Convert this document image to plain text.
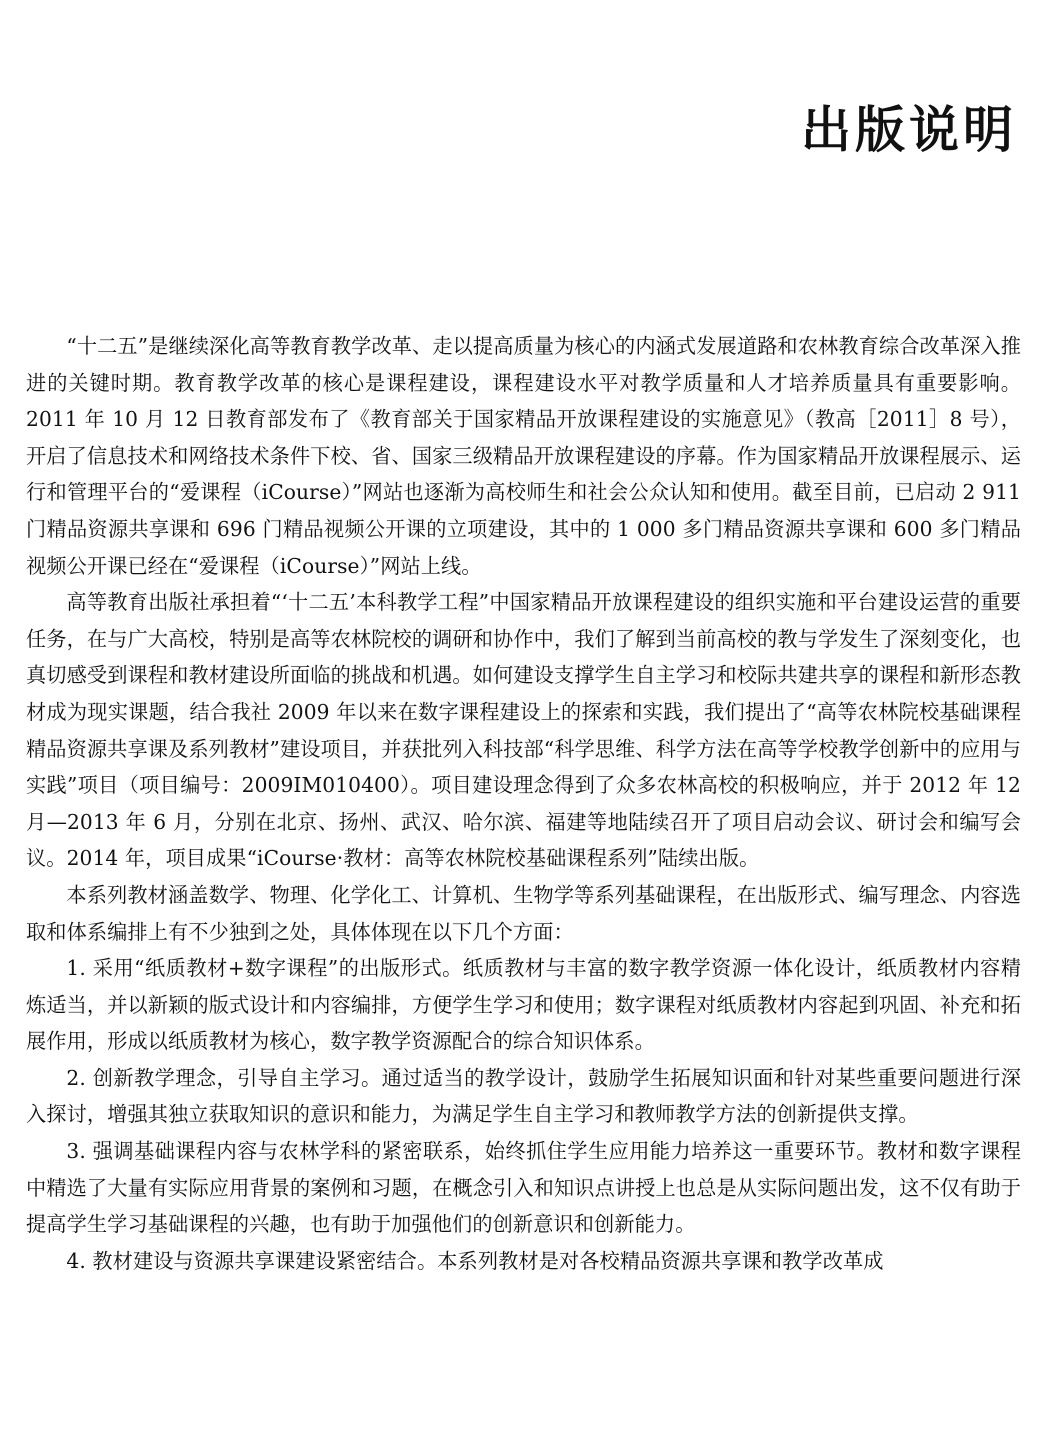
出版说明

“十二五”是继续深化高等教育教学改革、走以提高质量为核心的内涵式发展道路和农林教育综合改革深入推进的关键时期。教育教学改革的核心是课程建设，课程建设水平对教学质量和人才培养质量具有重要影响。2011 年 10 月 12 日教育部发布了《教育部关于国家精品开放课程建设的实施意见》（教高［2011］8 号），开启了信息技术和网络技术条件下校、省、国家三级精品开放课程建设的序幕。作为国家精品开放课程展示、运行和管理平台的“爱课程（iCourse）”网站也逐渐为高校师生和社会公众认知和使用。截至目前，已启动 2 911 门精品资源共享课和 696 门精品视频公开课的立项建设，其中的 1 000 多门精品资源共享课和 600 多门精品视频公开课已经在“爱课程（iCourse）”网站上线。

高等教育出版社承担着“‘十二五’本科教学工程”中国家精品开放课程建设的组织实施和平台建设运营的重要任务，在与广大高校，特别是高等农林院校的调研和协作中，我们了解到当前高校的教与学发生了深刻变化，也真切感受到课程和教材建设所面临的挑战和机遇。如何建设支撑学生自主学习和校际共建共享的课程和新形态教材成为现实课题，结合我社 2009 年以来在数字课程建设上的探索和实践，我们提出了“高等农林院校基础课程精品资源共享课及系列教材”建设项目，并获批列入科技部“科学思维、科学方法在高等学校教学创新中的应用与实践”项目（项目编号：2009IM010400）。项目建设理念得到了众多农林高校的积极响应，并于 2012 年 12 月—2013 年 6 月，分别在北京、扬州、武汉、哈尔滨、福建等地陆续召开了项目启动会议、研讨会和编写会议。2014 年，项目成果“iCourse·教材：高等农林院校基础课程系列”陆续出版。

本系列教材涵盖数学、物理、化学化工、计算机、生物学等系列基础课程，在出版形式、编写理念、内容选取和体系编排上有不少独到之处，具体体现在以下几个方面：

1. 采用“纸质教材+数字课程”的出版形式。纸质教材与丰富的数字教学资源一体化设计，纸质教材内容精炼适当，并以新颖的版式设计和内容编排，方便学生学习和使用；数字课程对纸质教材内容起到巩固、补充和拓展作用，形成以纸质教材为核心，数字教学资源配合的综合知识体系。

2. 创新教学理念，引导自主学习。通过适当的教学设计，鼓励学生拓展知识面和针对某些重要问题进行深入探讨，增强其独立获取知识的意识和能力，为满足学生自主学习和教师教学方法的创新提供支撑。

3. 强调基础课程内容与农林学科的紧密联系，始终抓住学生应用能力培养这一重要环节。教材和数字课程中精选了大量有实际应用背景的案例和习题，在概念引入和知识点讲授上也总是从实际问题出发，这不仅有助于提高学生学习基础课程的兴趣，也有助于加强他们的创新意识和创新能力。

4. 教材建设与资源共享课建设紧密结合。本系列教材是对各校精品资源共享课和教学改革成
